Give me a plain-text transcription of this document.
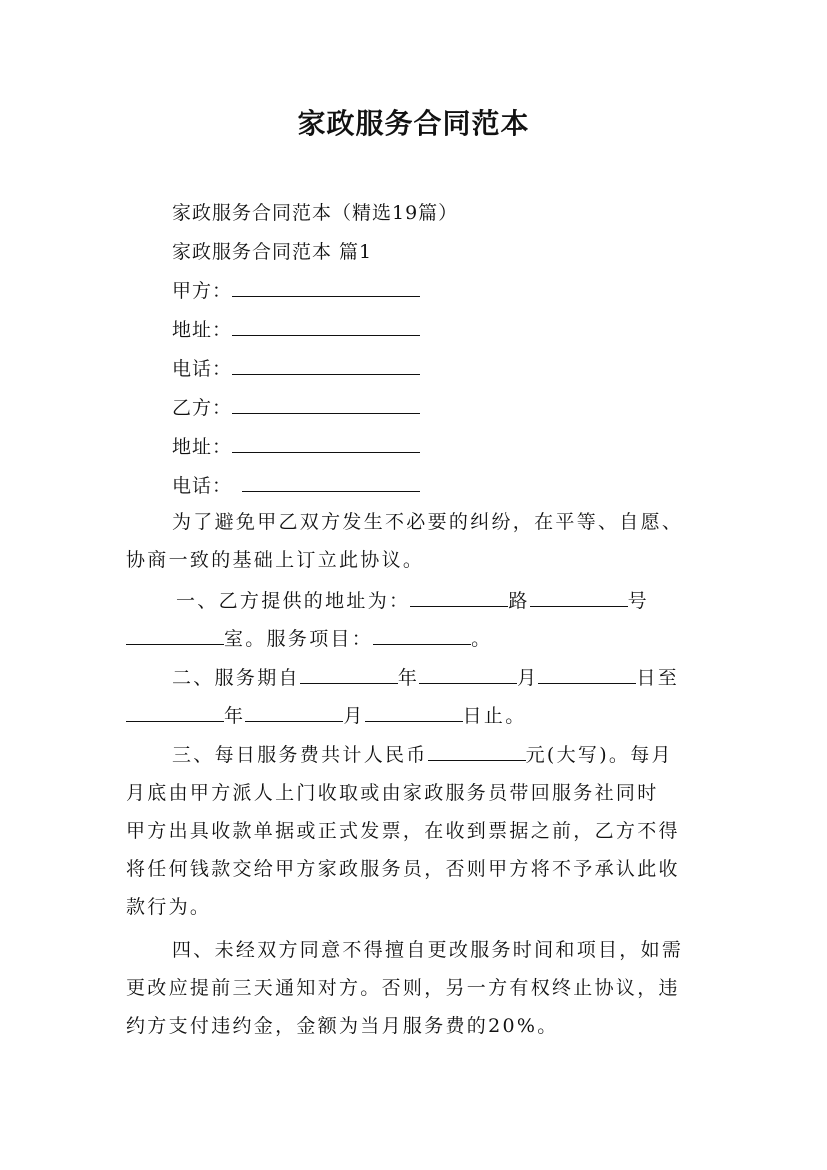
家政服务合同范本
家政服务合同范本（精选19篇）
家政服务合同范本 篇1
甲方：
地址：
电话：
乙方：
地址：
电话：
为了避免甲乙双方发生不必要的纠纷，在平等、自愿、
协商一致的基础上订立此协议。
一、乙方提供的地址为：	路	号
室。服务项目：	。
二、服务期自	年	月	日至
年	月	日止。
三、每日服务费共计人民币	元(大写)。每月
月底由甲方派人上门收取或由家政服务员带回服务社同时
甲方出具收款单据或正式发票，在收到票据之前，乙方不得
将任何钱款交给甲方家政服务员，否则甲方将不予承认此收
款行为。
四、未经双方同意不得擅自更改服务时间和项目，如需
更改应提前三天通知对方。否则，另一方有权终止协议，违
约方支付违约金，金额为当月服务费的20%。
